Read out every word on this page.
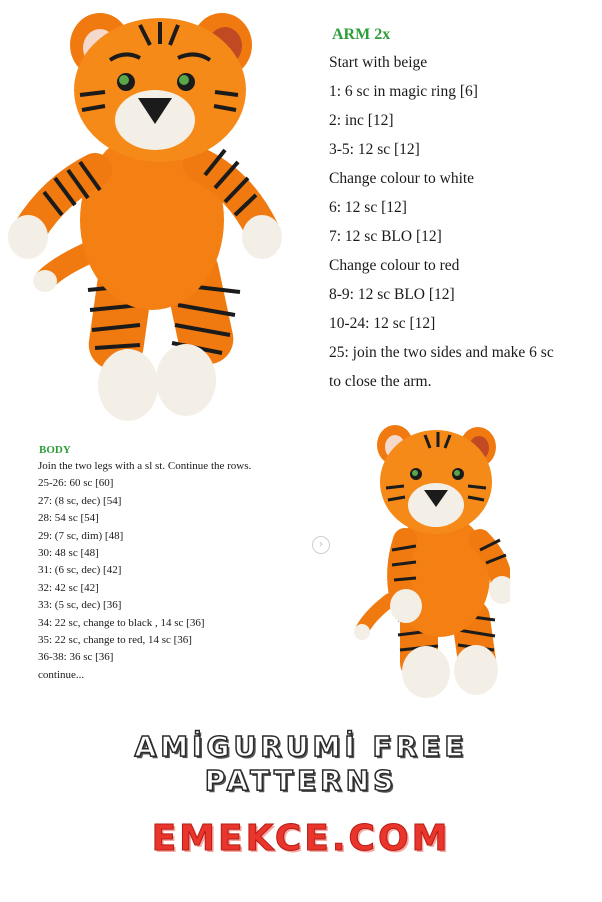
ARM 2x
Start with beige
1: 6 sc in magic ring [6]
2: inc [12]
3-5: 12 sc [12]
Change colour to white
6: 12 sc [12]
7: 12 sc BLO [12]
Change colour to red
8-9: 12 sc BLO [12]
10-24: 12 sc [12]
25: join the two sides and make 6 sc
to close the arm.
BODY
Join the two legs with a sl st. Continue the rows.
25-26: 60 sc [60]
27: (8 sc, dec) [54]
28: 54 sc [54]
29: (7 sc, dim) [48]
30: 48 sc [48]
31: (6 sc, dec) [42]
32: 42 sc [42]
33: (5 sc, dec) [36]
34: 22 sc, change to black , 14 sc [36]
35: 22 sc, change to red, 14 sc [36]
36-38: 36 sc [36]
continue...
›
AMİGURUMİ FREE
PATTERNS
EMEKCE.COM
